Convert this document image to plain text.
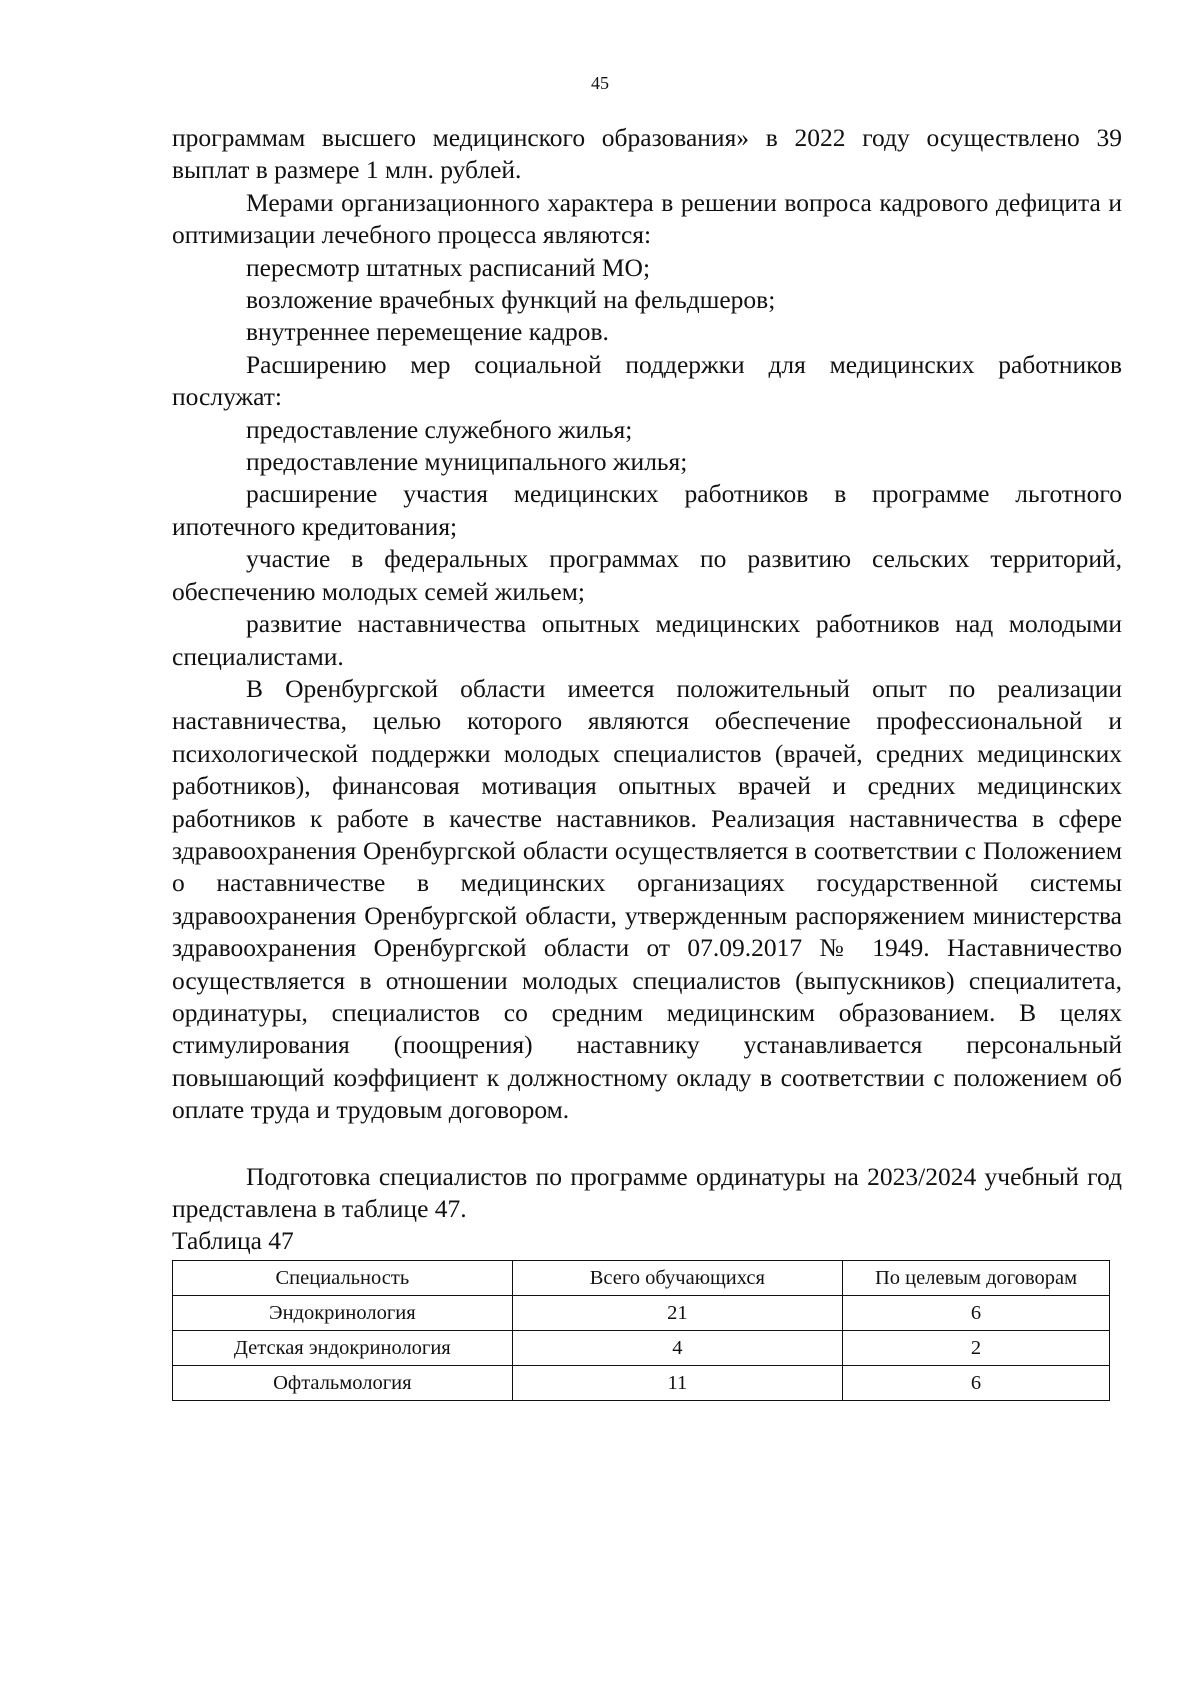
45

программам высшего медицинского образования» в 2022 году осуществлено 39 выплат в размере 1 млн. рублей.

Мерами организационного характера в решении вопроса кадрового дефицита и оптимизации лечебного процесса являются:

пересмотр штатных расписаний МО;

возложение врачебных функций на фельдшеров;

внутреннее перемещение кадров.

Расширению мер социальной поддержки для медицинских работников послужат:

предоставление служебного жилья;

предоставление муниципального жилья;

расширение участия медицинских работников в программе льготного ипотечного кредитования;

участие в федеральных программах по развитию сельских территорий, обеспечению молодых семей жильем;

развитие наставничества опытных медицинских работников над молодыми специалистами.

В Оренбургской области имеется положительный опыт по реализации наставничества, целью которого являются обеспечение профессиональной и психологической поддержки молодых специалистов (врачей, средних медицинских работников), финансовая мотивация опытных врачей и средних медицинских работников к работе в качестве наставников. Реализация наставничества в сфере здравоохранения Оренбургской области осуществляется в соответствии с Положением о наставничестве в медицинских организациях государственной системы здравоохранения Оренбургской области, утвержденным распоряжением министерства здравоохранения Оренбургской области от 07.09.2017 № 1949. Наставничество осуществляется в отношении молодых специалистов (выпускников) специалитета, ординатуры, специалистов со средним медицинским образованием. В целях стимулирования (поощрения) наставнику устанавливается персональный повышающий коэффициент к должностному окладу в соответствии с положением об оплате труда и трудовым договором.

Подготовка специалистов по программе ординатуры на 2023/2024 учебный год представлена в таблице 47.

Таблица 47

Специальность	Всего обучающихся	По целевым договорам
Эндокринология	21	6
Детская эндокринология	4	2
Офтальмология	11	6
